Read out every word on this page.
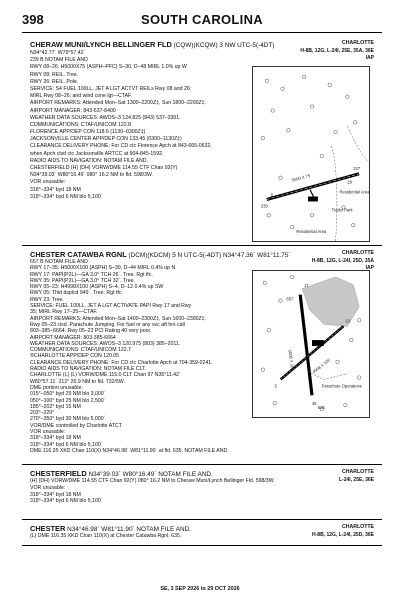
398	SOUTH CAROLINA
CHERAW MUNI/LYNCH BELLINGER FLD (CQW)(KCQW) 3 NW UTC-5(-4DT)	CHARLOTTE
H-8B, 12G, L-24I, 25E, 35A, 36E
IAP
N34°42.77´ W79°57.42´
239 B NOTAM FILE AND
RWY 08–26: H5000X75 (ASPH–PFC) S–30, D–48 MIRL 1.0% up W
RWY 08: REIL. Tree.
RWY 26: REIL. Pole.
SERVICE: S4 FUEL 100LL, JET A LGT ACTVT REILs Rwy 08 and 26;
MIRL Rwy 08–26; and wind cone lgt—CTAF.
AIRPORT REMARKS: Attended Mon–Sat 1300–2200Z‡, Sun 1800–2200Z‡.
AIRPORT MANAGER: 843-537-8400
WEATHER DATA SOURCES: AWOS–3 124.825 (843) 537–3301.
COMMUNICATIONS: CTAF/UNICOM 122.8
FLORENCE APP/DEP CON 118.6 (1130–0300Z‡)
JACKSONVILLE CENTER APP/DEP CON 133.45 (0300–1130Z‡)
CLEARANCE DELIVERY PHONE: For CD ctc Florence Apch at 843-665-0632,
when Apch clsd ctc Jacksonville ARTCC at 904-845-1592.
RADIO AIDS TO NAVIGATION: NOTAM FILE AND.
CHESTERFIELD (H) (DH) VORW/DME 114.55 CTF Chan 92(Y)
N34°39.03´ W80°16.49´ 080° 16.2 NM to fld. 598/3W.
VOR unusable:
318°–334° byd 18 NM
318°–334° byd 6 NM blo 5,100´
5000 X 75
239
227
8
26
Trailer Park
Residential Area
Residential Area
CHESTER CATAWBA RGNL (DCM)(KDCM) 5 N UTC-5(-4DT) N34°47.36´ W81°11.75´	CHARLOTTE
H-8B, 12G, L-24I, 25D, 35A
IAP
657 B NOTAM FILE AND
RWY 17–35: H5000X100 (ASPH) S–30, D–44 MIRL 0.4% up N
RWY 17: PAPI(P2L)—GA 3.0° TCH 26´. Tree. Rgt tfc.
RWY 35: PAPI(P2L)—GA 3.0° TCH 32´. Tree.
RWY 05–23: H4998X100 (ASPH) S–4, D–12 0.4% up SW
RWY 05: Thld dsplcd 949´. Tree. Rgt tfc.
RWY 23: Tree.
SERVICE: FUEL 100LL, JET A LGT ACTIVATE PAPI Rwy 17 and Rwy
35; MIRL Rwy 17–35—CTAF.
AIRPORT REMARKS: Attended Mon–Sat 1400–2300Z‡, Sun 1600–2300Z‡.
Rwy 05–23 clsd. Parachute Jumping. For fuel or any svc aft hrs call
803–385–6664. Rwy 05–23 PCI Rating 40 very poor.
AIRPORT MANAGER: 803-385-6664
WEATHER DATA SOURCES: AWOS–3 120.975 (803) 385–2011.
COMMUNICATIONS: CTAF/UNICOM 122.7
®CHARLOTTE APP/DEP CON 120.05
CLEARANCE DELIVERY PHONE: For CD ctc Charlotte Apch at 704-359-0241.
RADIO AIDS TO NAVIGATION: NOTAM FILE CLT.
CHARLOTTE (L) (L) VORW/DME 115.0 CLT Chan 97 N35°11.42´
W80°57.11´ 212° 26.9 NM to fld. 732/5W.
DME portion unusable:
015°–050° byd 29 NM blo 3,000´
050°–100° byd 25 NM blo 2,500´
185°–202° byd 15 NM
203°–220°
270°–350° byd 30 NM blo 5,000´
VOR/DME controlled by Charlotte ATCT
VOR unusable:
318°–334° byd 18 NM
318°–334° byd 6 NM blo 5,100´
DME 116.35 XKD Chan 110(X) N34°46.98´ W81°11.90´ at fld. 635. NOTAM FILE AND.
4998 X 100
5000 X 100
Parachute Operations
17
35
5
23
657
635
CHESTERFIELD N34°39.03´ W80°16.49´ NOTAM FILE AND.	CHARLOTTE
L-24I, 25E, 36E
(H) (DH) VORW/DME 114.55 CTF Chan 92(Y) 080° 16.2 NM to Cheraw Muni/Lynch Bellinger Fld. 598/3W.
VOR unusable:
318°–334° byd 18 NM
318°–334° byd 6 NM blo 5,100´
CHESTER N34°46.98´ W81°11.90´ NOTAM FILE AND.	CHARLOTTE
H-8B, 12G, L-24I, 25D, 36E
(L) DME 116.35 XKD Chan 110(X) at Chester Catawba Rgnl. 635.
SE, 3 SEP 2026 to 29 OCT 2026
